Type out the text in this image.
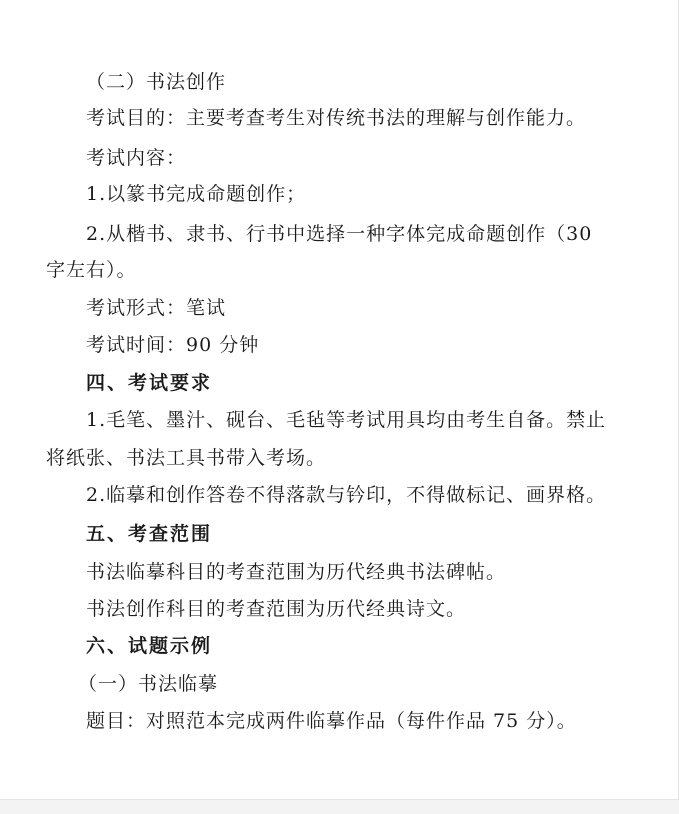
（二）书法创作
考试目的：主要考查考生对传统书法的理解与创作能力。
考试内容：
1.以篆书完成命题创作；
2.从楷书、隶书、行书中选择一种字体完成命题创作（30
字左右）。
考试形式：笔试
考试时间：90 分钟
四、考试要求
1.毛笔、墨汁、砚台、毛毡等考试用具均由考生自备。禁止
将纸张、书法工具书带入考场。
2.临摹和创作答卷不得落款与钤印，不得做标记、画界格。
五、考查范围
书法临摹科目的考查范围为历代经典书法碑帖。
书法创作科目的考查范围为历代经典诗文。
六、试题示例
（一）书法临摹
题目：对照范本完成两件临摹作品（每件作品 75 分）。
